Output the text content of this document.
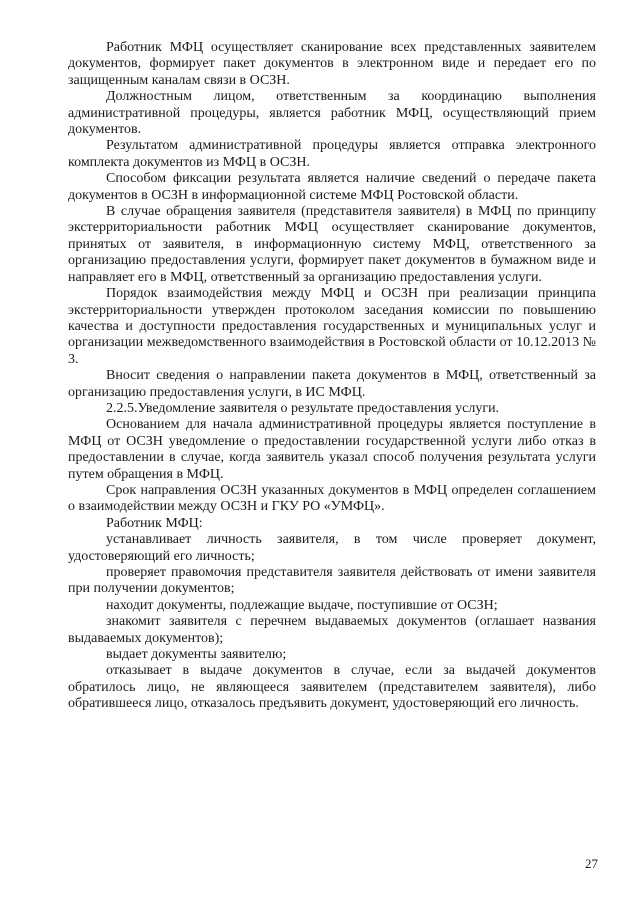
Работник МФЦ осуществляет сканирование всех представленных заявителем документов, формирует пакет документов в электронном виде и передает его по защищенным каналам связи в ОСЗН.

Должностным лицом, ответственным за координацию выполнения административной процедуры, является работник МФЦ, осуществляющий прием документов.

Результатом административной процедуры является отправка электронного комплекта документов из МФЦ в ОСЗН.

Способом фиксации результата является наличие сведений о передаче пакета документов в ОСЗН в информационной системе МФЦ Ростовской области.

В случае обращения заявителя (представителя заявителя) в МФЦ по принципу экстерриториальности работник МФЦ осуществляет сканирование документов, принятых от заявителя, в информационную систему МФЦ, ответственного за организацию предоставления услуги, формирует пакет документов в бумажном виде и направляет его в МФЦ, ответственный за организацию предоставления услуги.

Порядок взаимодействия между МФЦ и ОСЗН при реализации принципа экстерриториальности утвержден протоколом заседания комиссии по повышению качества и доступности предоставления государственных и муниципальных услуг и организации межведомственного взаимодействия в Ростовской области от 10.12.2013 № 3.

Вносит сведения о направлении пакета документов в МФЦ, ответственный за организацию предоставления услуги, в ИС МФЦ.

2.2.5.Уведомление заявителя о результате предоставления услуги.

Основанием для начала административной процедуры является поступление в МФЦ от ОСЗН уведомление о предоставлении государственной услуги либо отказ в предоставлении в случае, когда заявитель указал способ получения результата услуги путем обращения в МФЦ.

Срок направления ОСЗН указанных документов в МФЦ определен соглашением о взаимодействии между ОСЗН и ГКУ РО «УМФЦ».

Работник МФЦ:

устанавливает личность заявителя, в том числе проверяет документ, удостоверяющий его личность;

проверяет правомочия представителя заявителя действовать от имени заявителя при получении документов;

находит документы, подлежащие выдаче, поступившие от ОСЗН;

знакомит заявителя с перечнем выдаваемых документов (оглашает названия выдаваемых документов);

выдает документы заявителю;

отказывает в выдаче документов в случае, если за выдачей документов обратилось лицо, не являющееся заявителем (представителем заявителя), либо обратившееся лицо, отказалось предъявить документ, удостоверяющий его личность.

27
